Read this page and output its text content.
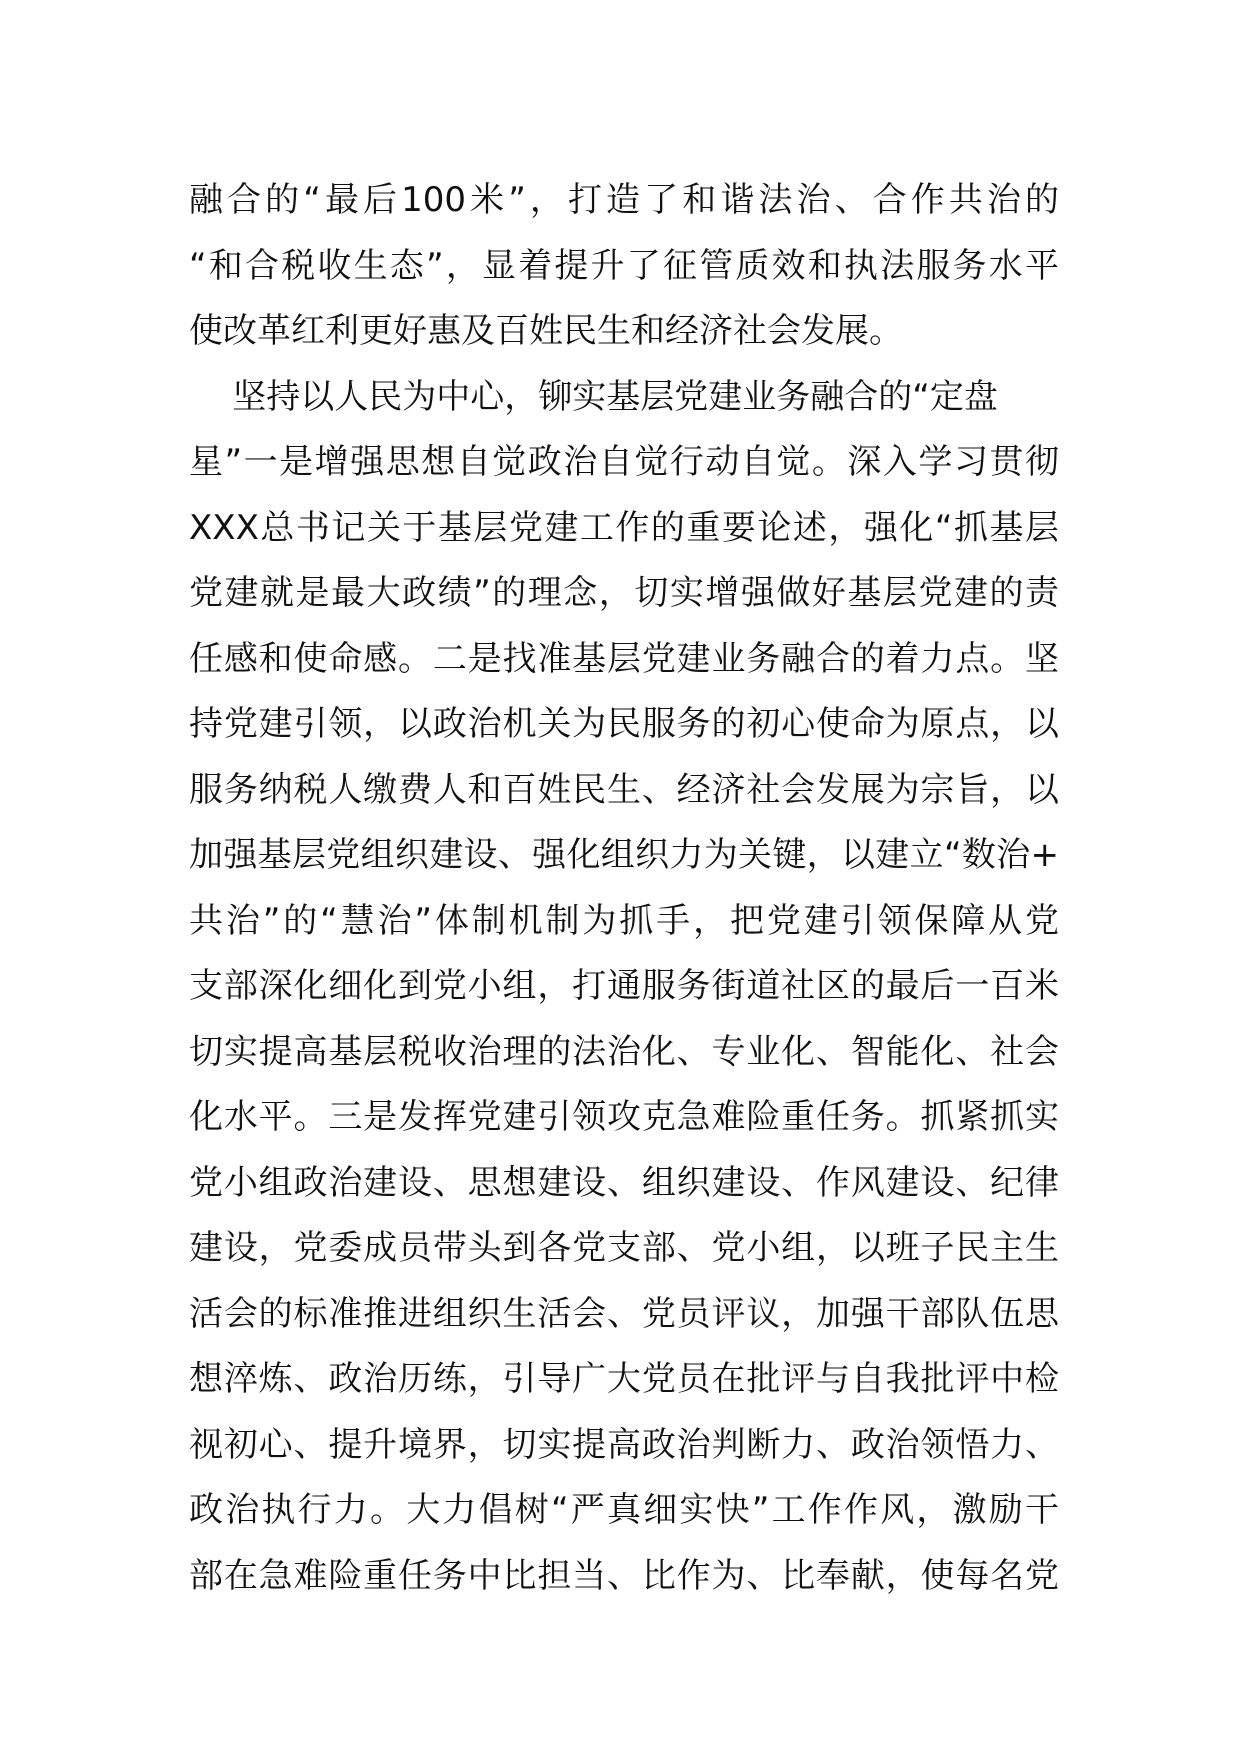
融合的“最后100米”，打造了和谐法治、合作共治的
“和合税收生态”，显着提升了征管质效和执法服务水平
使改革红利更好惠及百姓民生和经济社会发展。
坚持以人民为中心，铆实基层党建业务融合的“定盘
星”一是增强思想自觉政治自觉行动自觉。深入学习贯彻
XXX总书记关于基层党建工作的重要论述，强化“抓基层
党建就是最大政绩”的理念，切实增强做好基层党建的责
任感和使命感。二是找准基层党建业务融合的着力点。坚
持党建引领，以政治机关为民服务的初心使命为原点，以
服务纳税人缴费人和百姓民生、经济社会发展为宗旨，以
加强基层党组织建设、强化组织力为关键，以建立“数治+
共治”的“慧治”体制机制为抓手，把党建引领保障从党
支部深化细化到党小组，打通服务街道社区的最后一百米
切实提高基层税收治理的法治化、专业化、智能化、社会
化水平。三是发挥党建引领攻克急难险重任务。抓紧抓实
党小组政治建设、思想建设、组织建设、作风建设、纪律
建设，党委成员带头到各党支部、党小组，以班子民主生
活会的标准推进组织生活会、党员评议，加强干部队伍思
想淬炼、政治历练，引导广大党员在批评与自我批评中检
视初心、提升境界，切实提高政治判断力、政治领悟力、
政治执行力。大力倡树“严真细实快”工作作风，激励干
部在急难险重任务中比担当、比作为、比奉献，使每名党
